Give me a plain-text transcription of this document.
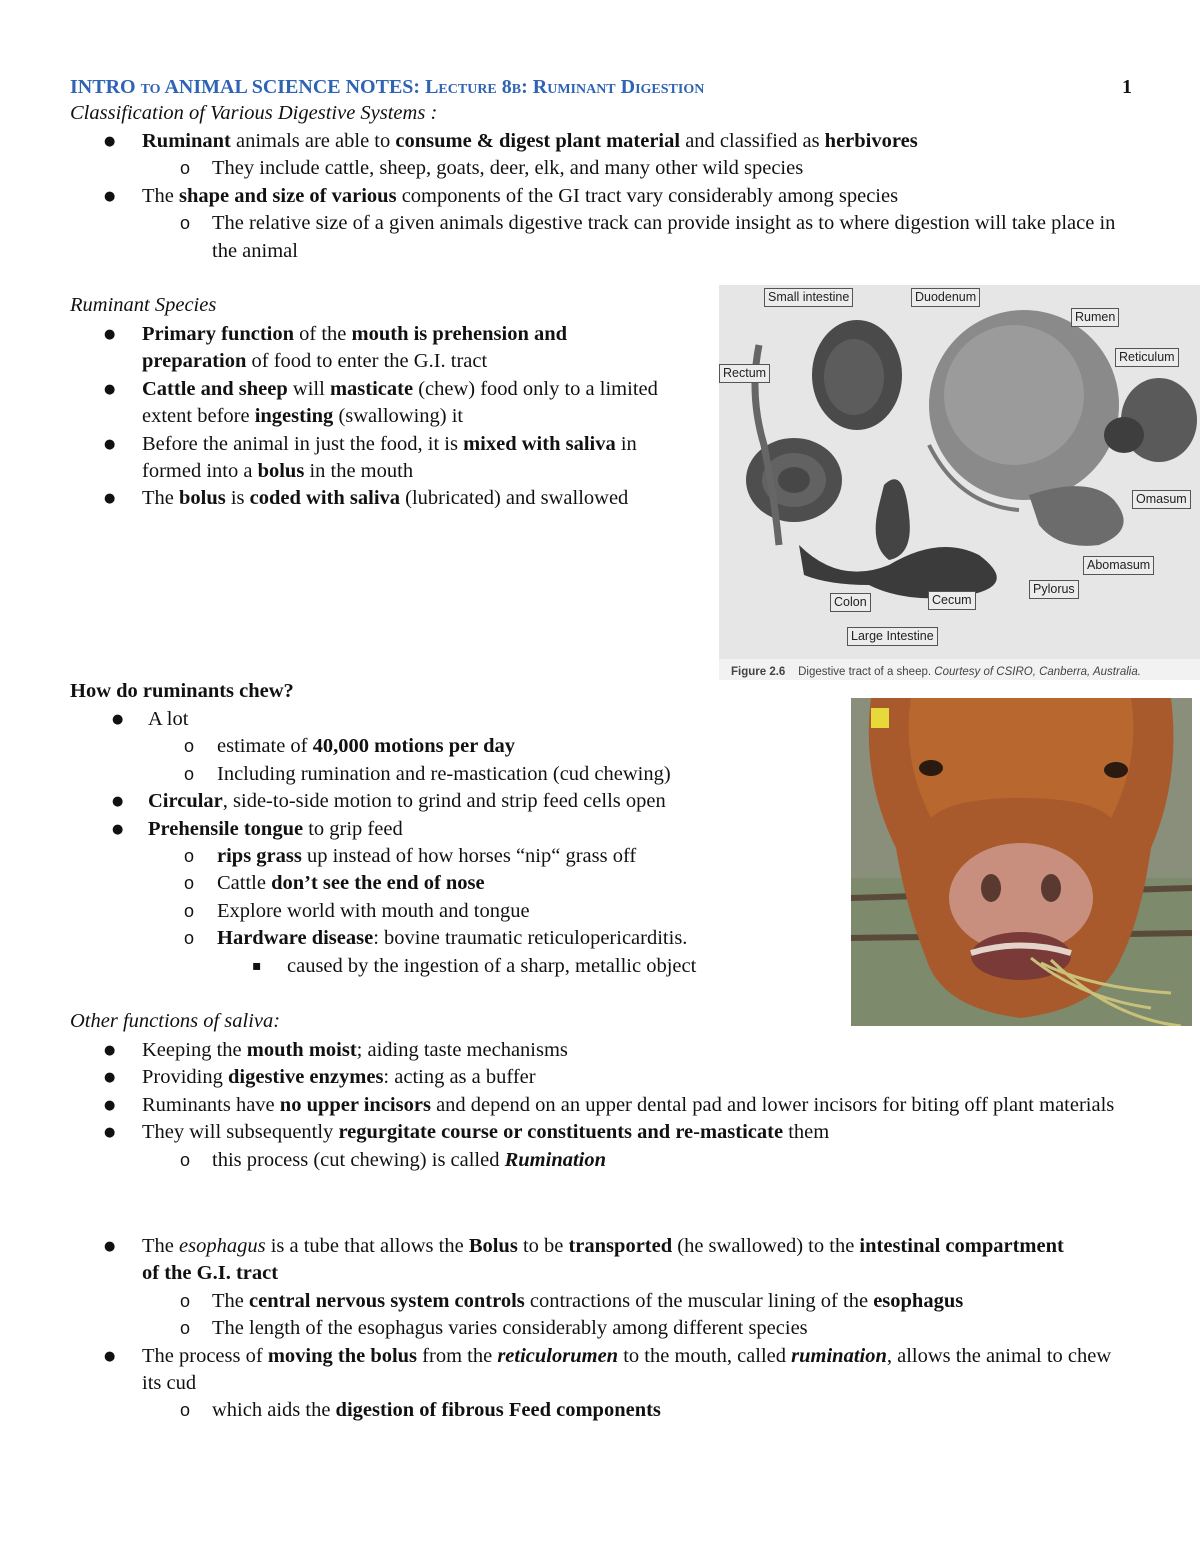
INTRO to ANIMAL SCIENCE NOTES: Lecture 8b: Ruminant Digestion	1
Classification of Various Digestive Systems :
● Ruminant animals are able to consume & digest plant material and classified as herbivores
o They include cattle, sheep, goats, deer, elk, and many other wild species
● The shape and size of various components of the GI tract vary considerably among species
o The relative size of a given animals digestive track can provide insight as to where digestion will take place in the animal
Ruminant Species
● Primary function of the mouth is prehension and preparation of food to enter the G.I. tract
● Cattle and sheep will masticate (chew) food only to a limited extent before ingesting (swallowing) it
● Before the animal in just the food, it is mixed with saliva in formed into a bolus in the mouth
● The bolus is coded with saliva (lubricated) and swallowed
Small intestine	Duodenum
Rumen
Reticulum
Rectum
Omasum
Abomasum
Pylorus
Colon	Cecum
Large Intestine
Figure 2.6 Digestive tract of a sheep. Courtesy of CSIRO, Canberra, Australia.
How do ruminants chew?
● A lot
o estimate of 40,000 motions per day
o Including rumination and re-mastication (cud chewing)
● Circular, side-to-side motion to grind and strip feed cells open
● Prehensile tongue to grip feed
o rips grass up instead of how horses “nip“ grass off
o Cattle don’t see the end of nose
o Explore world with mouth and tongue
o Hardware disease: bovine traumatic reticulopericarditis.
▪ caused by the ingestion of a sharp, metallic object
Other functions of saliva:
● Keeping the mouth moist; aiding taste mechanisms
● Providing digestive enzymes: acting as a buffer
● Ruminants have no upper incisors and depend on an upper dental pad and lower incisors for biting off plant materials
● They will subsequently regurgitate course or constituents and re-masticate them
o this process (cut chewing) is called Rumination
● The esophagus is a tube that allows the Bolus to be transported (he swallowed) to the intestinal compartment of the G.I. tract
o The central nervous system controls contractions of the muscular lining of the esophagus
o The length of the esophagus varies considerably among different species
● The process of moving the bolus from the reticulorumen to the mouth, called rumination, allows the animal to chew its cud
o which aids the digestion of fibrous Feed components
